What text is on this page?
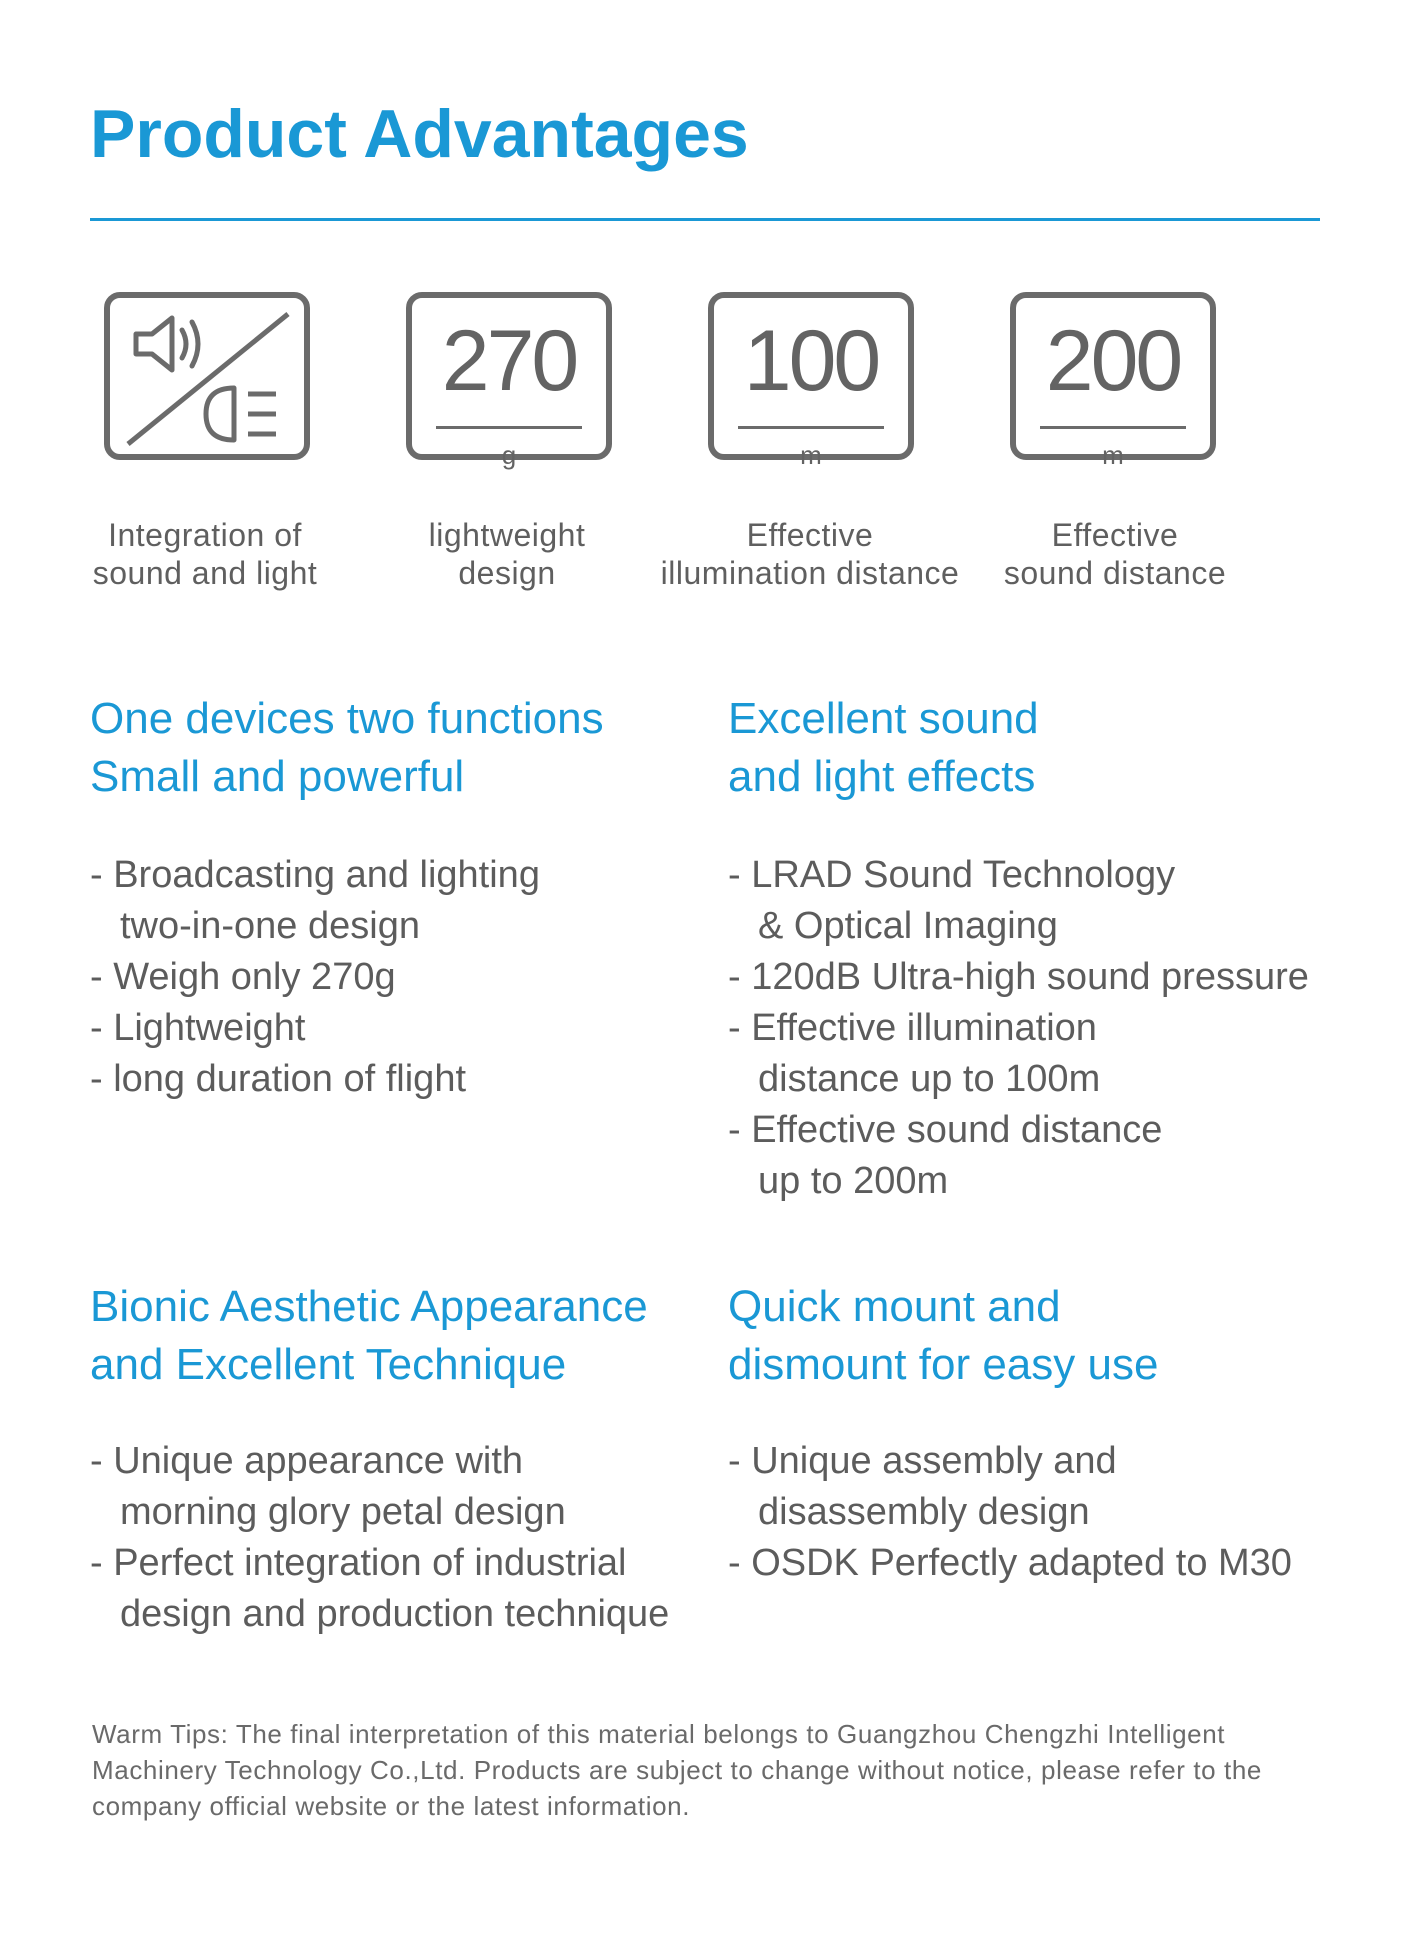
Product Advantages
270
g
100
m
200
m
Integration of
sound and light
lightweight
design
Effective
illumination distance
Effective
sound distance
One devices two functions
Small and powerful
- Broadcasting and lighting
two-in-one design
- Weigh only 270g
- Lightweight
- long duration of flight
Excellent sound
and light effects
- LRAD Sound Technology
& Optical Imaging
- 120dB Ultra-high sound pressure
- Effective illumination
distance up to 100m
- Effective sound distance
up to 200m
Bionic Aesthetic Appearance
and Excellent Technique
- Unique appearance with
morning glory petal design
- Perfect integration of industrial
design and production technique
Quick mount and
dismount for easy use
- Unique assembly and
disassembly design
- OSDK Perfectly adapted to M30
Warm Tips: The final interpretation of this material belongs to Guangzhou Chengzhi Intelligent Machinery Technology Co.,Ltd. Products are subject to change without notice, please refer to the company official website or the latest information.
